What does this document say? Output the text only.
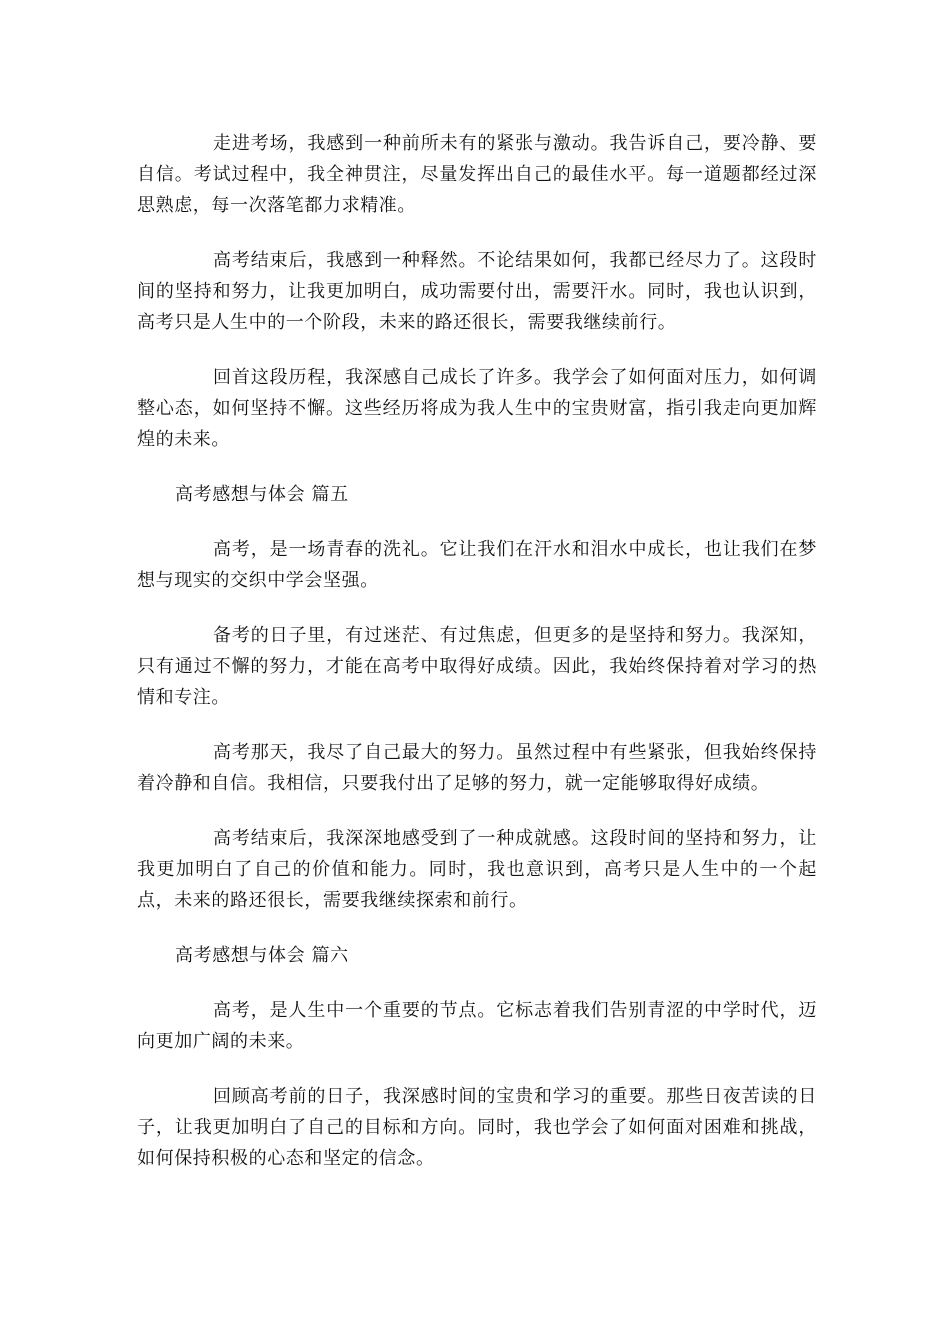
走进考场，我感到一种前所未有的紧张与激动。我告诉自己，要冷静、要自信。考试过程中，我全神贯注，尽量发挥出自己的最佳水平。每一道题都经过深思熟虑，每一次落笔都力求精准。

高考结束后，我感到一种释然。不论结果如何，我都已经尽力了。这段时间的坚持和努力，让我更加明白，成功需要付出，需要汗水。同时，我也认识到，高考只是人生中的一个阶段，未来的路还很长，需要我继续前行。

回首这段历程，我深感自己成长了许多。我学会了如何面对压力，如何调整心态，如何坚持不懈。这些经历将成为我人生中的宝贵财富，指引我走向更加辉煌的未来。

高考感想与体会 篇五

高考，是一场青春的洗礼。它让我们在汗水和泪水中成长，也让我们在梦想与现实的交织中学会坚强。

备考的日子里，有过迷茫、有过焦虑，但更多的是坚持和努力。我深知，只有通过不懈的努力，才能在高考中取得好成绩。因此，我始终保持着对学习的热情和专注。

高考那天，我尽了自己最大的努力。虽然过程中有些紧张，但我始终保持着冷静和自信。我相信，只要我付出了足够的努力，就一定能够取得好成绩。

高考结束后，我深深地感受到了一种成就感。这段时间的坚持和努力，让我更加明白了自己的价值和能力。同时，我也意识到，高考只是人生中的一个起点，未来的路还很长，需要我继续探索和前行。

高考感想与体会 篇六

高考，是人生中一个重要的节点。它标志着我们告别青涩的中学时代，迈向更加广阔的未来。

回顾高考前的日子，我深感时间的宝贵和学习的重要。那些日夜苦读的日子，让我更加明白了自己的目标和方向。同时，我也学会了如何面对困难和挑战，如何保持积极的心态和坚定的信念。
